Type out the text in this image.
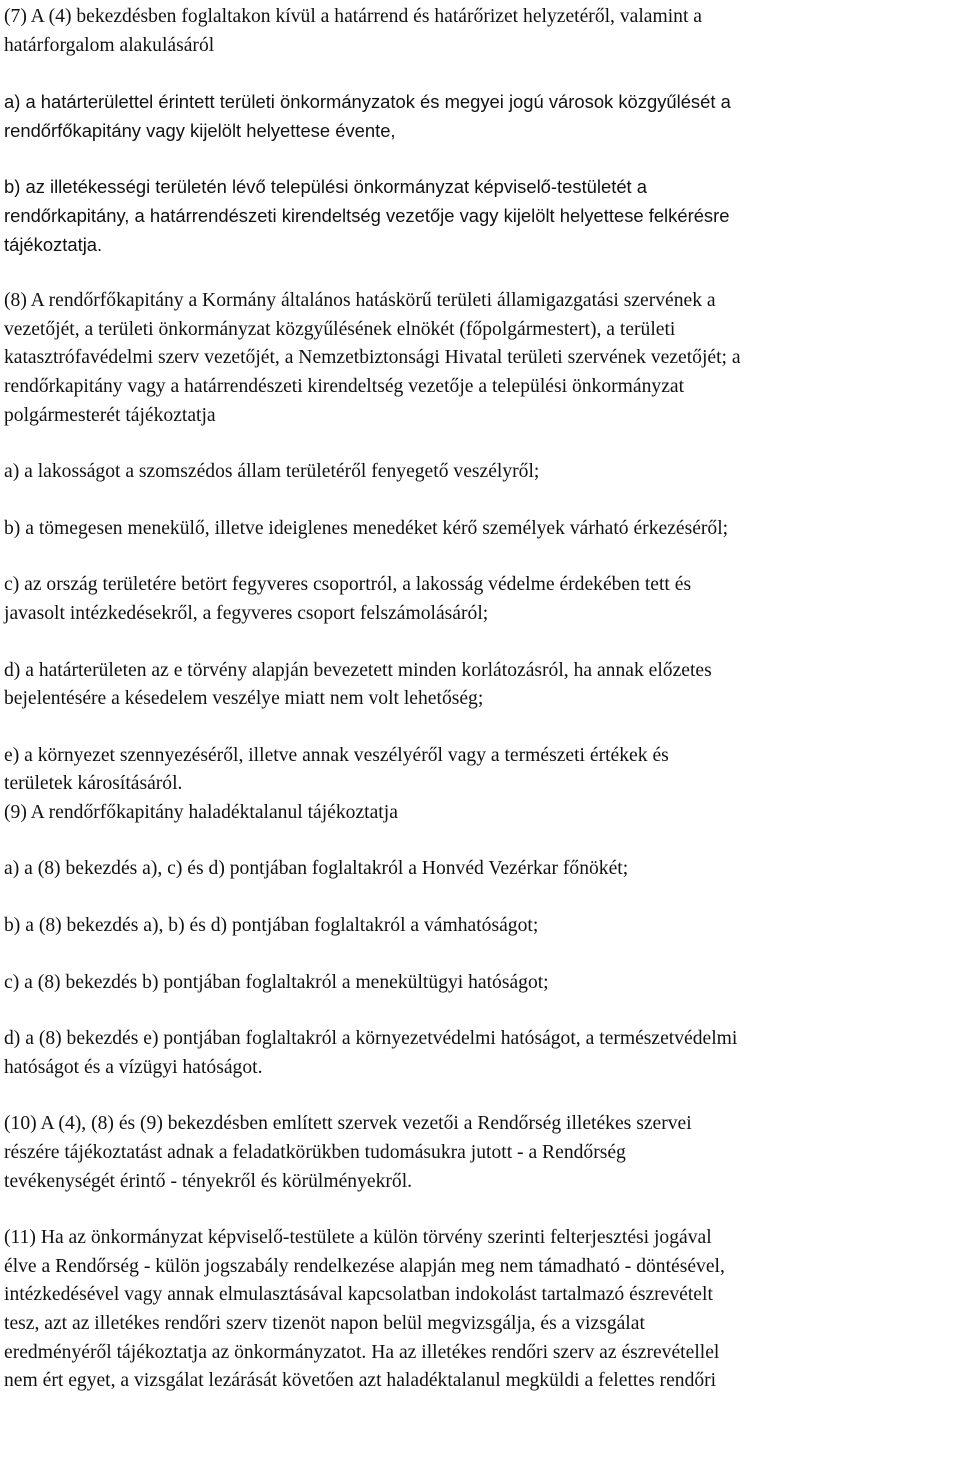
(7) A (4) bekezdésben foglaltakon kívül a határrend és határőrizet helyzetéről, valamint a
határforgalom alakulásáról

a) a határterülettel érintett területi önkormányzatok és megyei jogú városok közgyűlését a
rendőrfőkapitány vagy kijelölt helyettese évente,

b) az illetékességi területén lévő települési önkormányzat képviselő-testületét a
rendőrkapitány, a határrendészeti kirendeltség vezetője vagy kijelölt helyettese felkérésre
tájékoztatja.

(8) A rendőrfőkapitány a Kormány általános hatáskörű területi államigazgatási szervének a
vezetőjét, a területi önkormányzat közgyűlésének elnökét (főpolgármestert), a területi
katasztrófavédelmi szerv vezetőjét, a Nemzetbiztonsági Hivatal területi szervének vezetőjét; a
rendőrkapitány vagy a határrendészeti kirendeltség vezetője a települési önkormányzat
polgármesterét tájékoztatja

a) a lakosságot a szomszédos állam területéről fenyegető veszélyről;

b) a tömegesen menekülő, illetve ideiglenes menedéket kérő személyek várható érkezéséről;

c) az ország területére betört fegyveres csoportról, a lakosság védelme érdekében tett és
javasolt intézkedésekről, a fegyveres csoport felszámolásáról;

d) a határterületen az e törvény alapján bevezetett minden korlátozásról, ha annak előzetes
bejelentésére a késedelem veszélye miatt nem volt lehetőség;

e) a környezet szennyezéséről, illetve annak veszélyéről vagy a természeti értékek és
területek károsításáról.

(9) A rendőrfőkapitány haladéktalanul tájékoztatja

a) a (8) bekezdés a), c) és d) pontjában foglaltakról a Honvéd Vezérkar főnökét;

b) a (8) bekezdés a), b) és d) pontjában foglaltakról a vámhatóságot;

c) a (8) bekezdés b) pontjában foglaltakról a menekültügyi hatóságot;

d) a (8) bekezdés e) pontjában foglaltakról a környezetvédelmi hatóságot, a természetvédelmi
hatóságot és a vízügyi hatóságot.

(10) A (4), (8) és (9) bekezdésben említett szervek vezetői a Rendőrség illetékes szervei
részére tájékoztatást adnak a feladatkörükben tudomásukra jutott - a Rendőrség
tevékenységét érintő - tényekről és körülményekről.

(11) Ha az önkormányzat képviselő-testülete a külön törvény szerinti felterjesztési jogával
élve a Rendőrség - külön jogszabály rendelkezése alapján meg nem támadható - döntésével,
intézkedésével vagy annak elmulasztásával kapcsolatban indokolást tartalmazó észrevételt
tesz, azt az illetékes rendőri szerv tizenöt napon belül megvizsgálja, és a vizsgálat
eredményéről tájékoztatja az önkormányzatot. Ha az illetékes rendőri szerv az észrevétellel
nem ért egyet, a vizsgálat lezárását követően azt haladéktalanul megküldi a felettes rendőri
